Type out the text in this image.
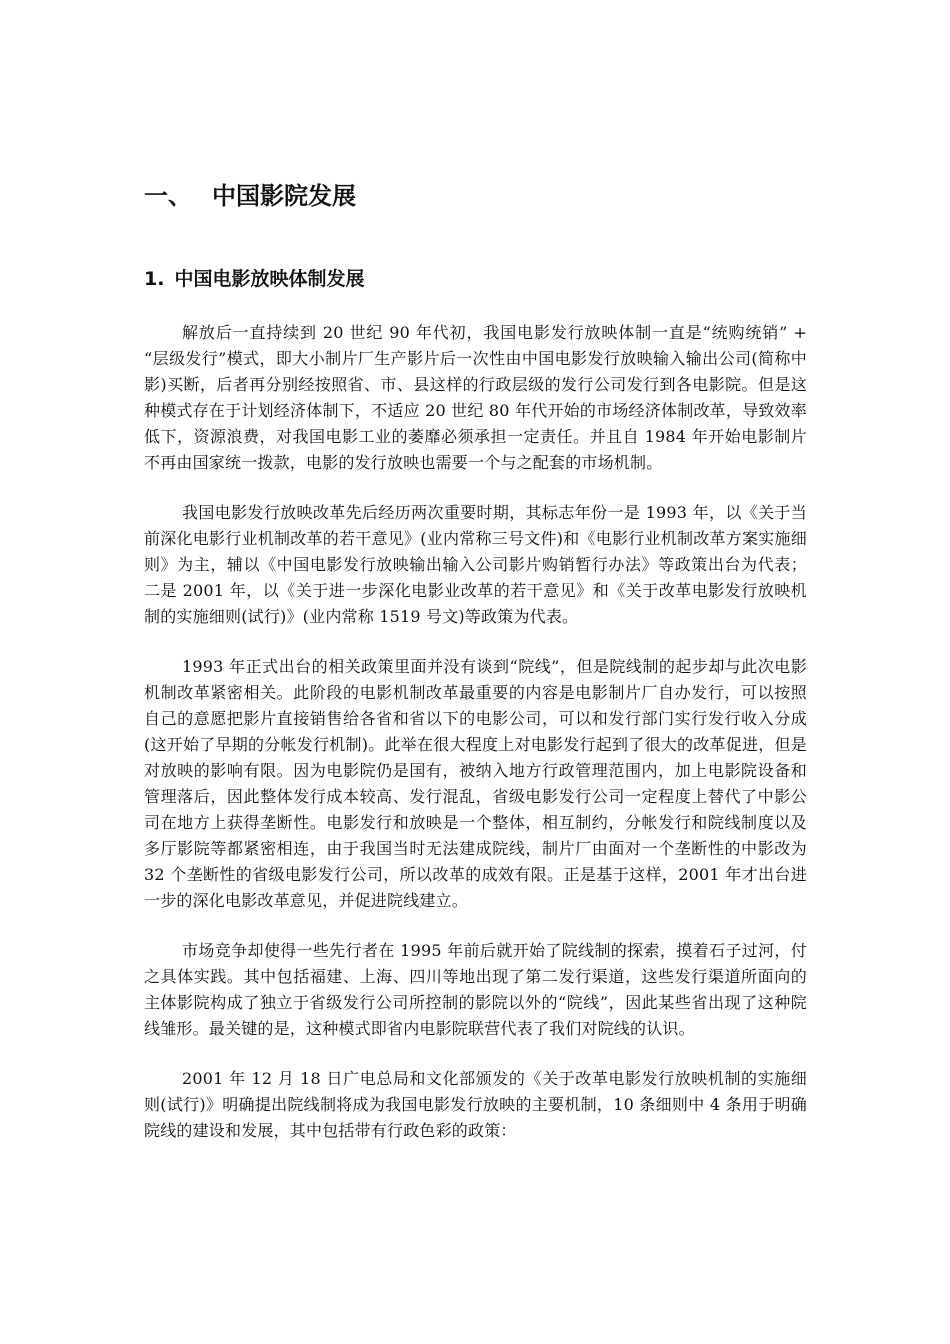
一、 中国影院发展
1. 中国电影放映体制发展

解放后一直持续到 20 世纪 90 年代初，我国电影发行放映体制一直是“统购统销” + “层级发行”模式，即大小制片厂生产影片后一次性由中国电影发行放映输入输出公司(简称中影)买断，后者再分别经按照省、市、县这样的行政层级的发行公司发行到各电影院。但是这种模式存在于计划经济体制下，不适应 20 世纪 80 年代开始的市场经济体制改革，导致效率低下，资源浪费，对我国电影工业的萎靡必须承担一定责任。并且自 1984 年开始电影制片不再由国家统一拨款，电影的发行放映也需要一个与之配套的市场机制。

我国电影发行放映改革先后经历两次重要时期，其标志年份一是 1993 年，以《关于当前深化电影行业机制改革的若干意见》(业内常称三号文件)和《电影行业机制改革方案实施细则》为主，辅以《中国电影发行放映输出输入公司影片购销暂行办法》等政策出台为代表；二是 2001 年，以《关于进一步深化电影业改革的若干意见》和《关于改革电影发行放映机制的实施细则(试行)》(业内常称 1519 号文)等政策为代表。

1993 年正式出台的相关政策里面并没有谈到“院线”，但是院线制的起步却与此次电影机制改革紧密相关。此阶段的电影机制改革最重要的内容是电影制片厂自办发行，可以按照自己的意愿把影片直接销售给各省和省以下的电影公司，可以和发行部门实行发行收入分成(这开始了早期的分帐发行机制)。此举在很大程度上对电影发行起到了很大的改革促进，但是对放映的影响有限。因为电影院仍是国有，被纳入地方行政管理范围内，加上电影院设备和管理落后，因此整体发行成本较高、发行混乱，省级电影发行公司一定程度上替代了中影公司在地方上获得垄断性。电影发行和放映是一个整体，相互制约，分帐发行和院线制度以及多厅影院等都紧密相连，由于我国当时无法建成院线，制片厂由面对一个垄断性的中影改为 32 个垄断性的省级电影发行公司，所以改革的成效有限。正是基于这样，2001 年才出台进一步的深化电影改革意见，并促进院线建立。

市场竞争却使得一些先行者在 1995 年前后就开始了院线制的探索，摸着石子过河，付之具体实践。其中包括福建、上海、四川等地出现了第二发行渠道，这些发行渠道所面向的主体影院构成了独立于省级发行公司所控制的影院以外的“院线”，因此某些省出现了这种院线雏形。最关键的是，这种模式即省内电影院联营代表了我们对院线的认识。

2001 年 12 月 18 日广电总局和文化部颁发的《关于改革电影发行放映机制的实施细则(试行)》明确提出院线制将成为我国电影发行放映的主要机制，10 条细则中 4 条用于明确院线的建设和发展，其中包括带有行政色彩的政策：
